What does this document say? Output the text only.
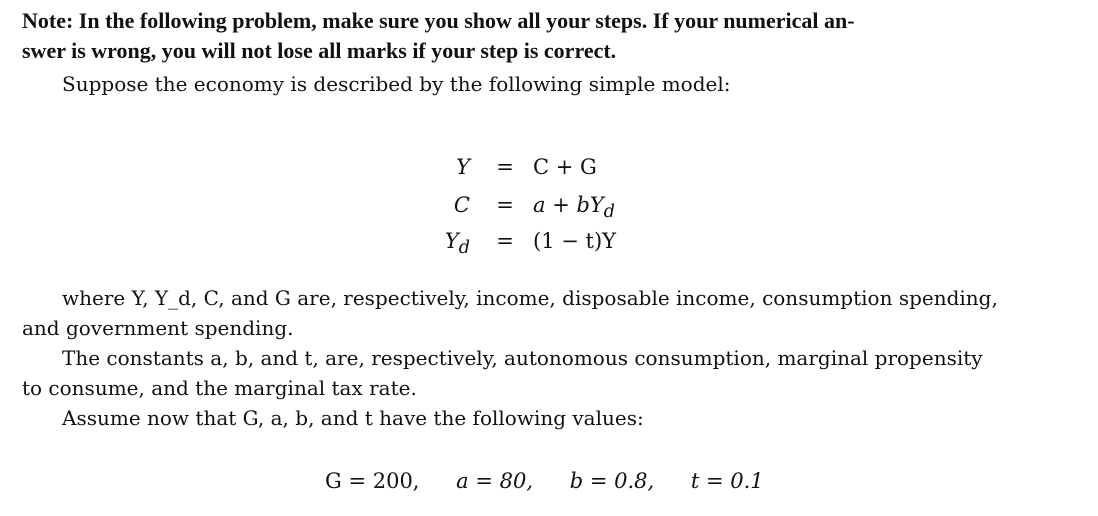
Note: In the following problem, make sure you show all your steps. If your numerical an-
swer is wrong, you will not lose all marks if your step is correct.
Suppose the economy is described by the following simple model:
Y = C + G
$C = a + bY_d$
$Y_d = (1 - t)Y$
where Y, Y_d, C, and G are, respectively, income, disposable income, consumption spending,
and government spending.
The constants a, b, and t, are, respectively, autonomous consumption, marginal propensity
to consume, and the marginal tax rate.
Assume now that G, a, b, and t have the following values:
G = 200, a = 80, b = 0.8, t = 0.1
